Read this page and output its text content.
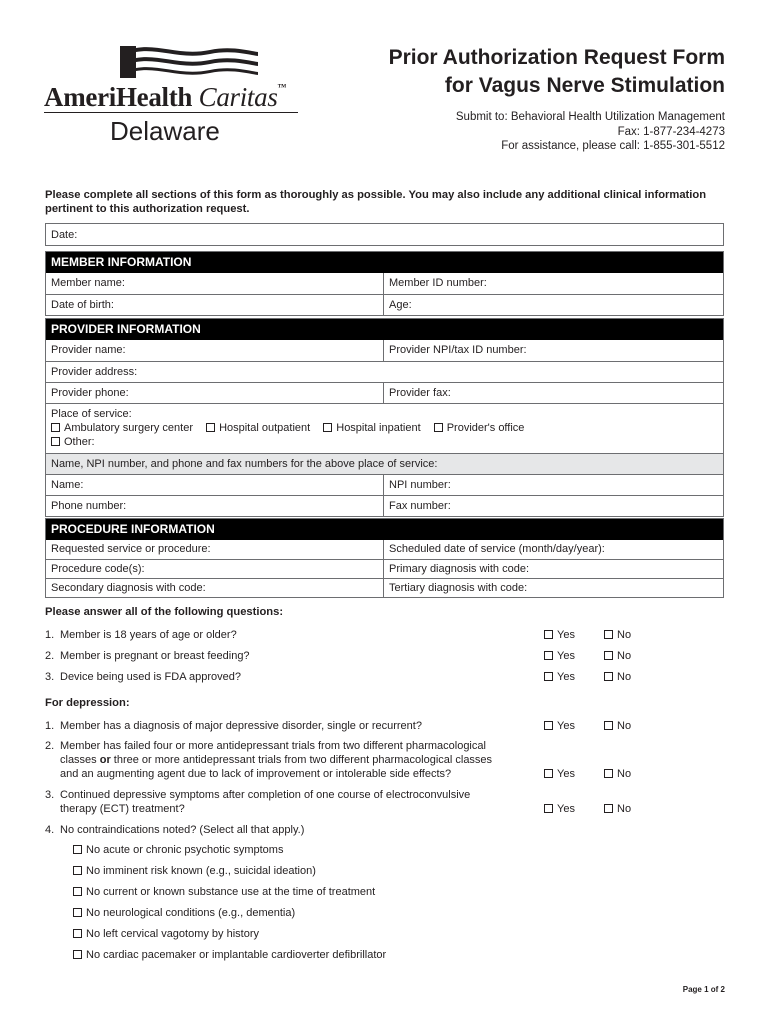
AmeriHealth Caritas™
Delaware
Prior Authorization Request Form
for Vagus Nerve Stimulation
Submit to: Behavioral Health Utilization Management
Fax: 1-877-234-4273
For assistance, please call: 1-855-301-5512
Please complete all sections of this form as thoroughly as possible. You may also include any additional clinical information pertinent to this authorization request.
Date:
MEMBER INFORMATION
Member name:	Member ID number:
Date of birth:	Age:
PROVIDER INFORMATION
Provider name:	Provider NPI/tax ID number:
Provider address:
Provider phone:	Provider fax:
Place of service:
Ambulatory surgery center Hospital outpatient Hospital inpatient Provider's office
Other:
Name, NPI number, and phone and fax numbers for the above place of service:
Name:	NPI number:
Phone number:	Fax number:
PROCEDURE INFORMATION
Requested service or procedure:	Scheduled date of service (month/day/year):
Procedure code(s):	Primary diagnosis with code:
Secondary diagnosis with code:	Tertiary diagnosis with code:
Please answer all of the following questions:
1. Member is 18 years of age or older?	Yes	No
2. Member is pregnant or breast feeding?	Yes	No
3. Device being used is FDA approved?	Yes	No
For depression:
1. Member has a diagnosis of major depressive disorder, single or recurrent?	Yes	No
2. Member has failed four or more antidepressant trials from two different pharmacological
classes or three or more antidepressant trials from two different pharmacological classes
and an augmenting agent due to lack of improvement or intolerable side effects?	Yes	No
3. Continued depressive symptoms after completion of one course of electroconvulsive
therapy (ECT) treatment?	Yes	No
4. No contraindications noted? (Select all that apply.)
No acute or chronic psychotic symptoms
No imminent risk known (e.g., suicidal ideation)
No current or known substance use at the time of treatment
No neurological conditions (e.g., dementia)
No left cervical vagotomy by history
No cardiac pacemaker or implantable cardioverter defibrillator
Page 1 of 2
